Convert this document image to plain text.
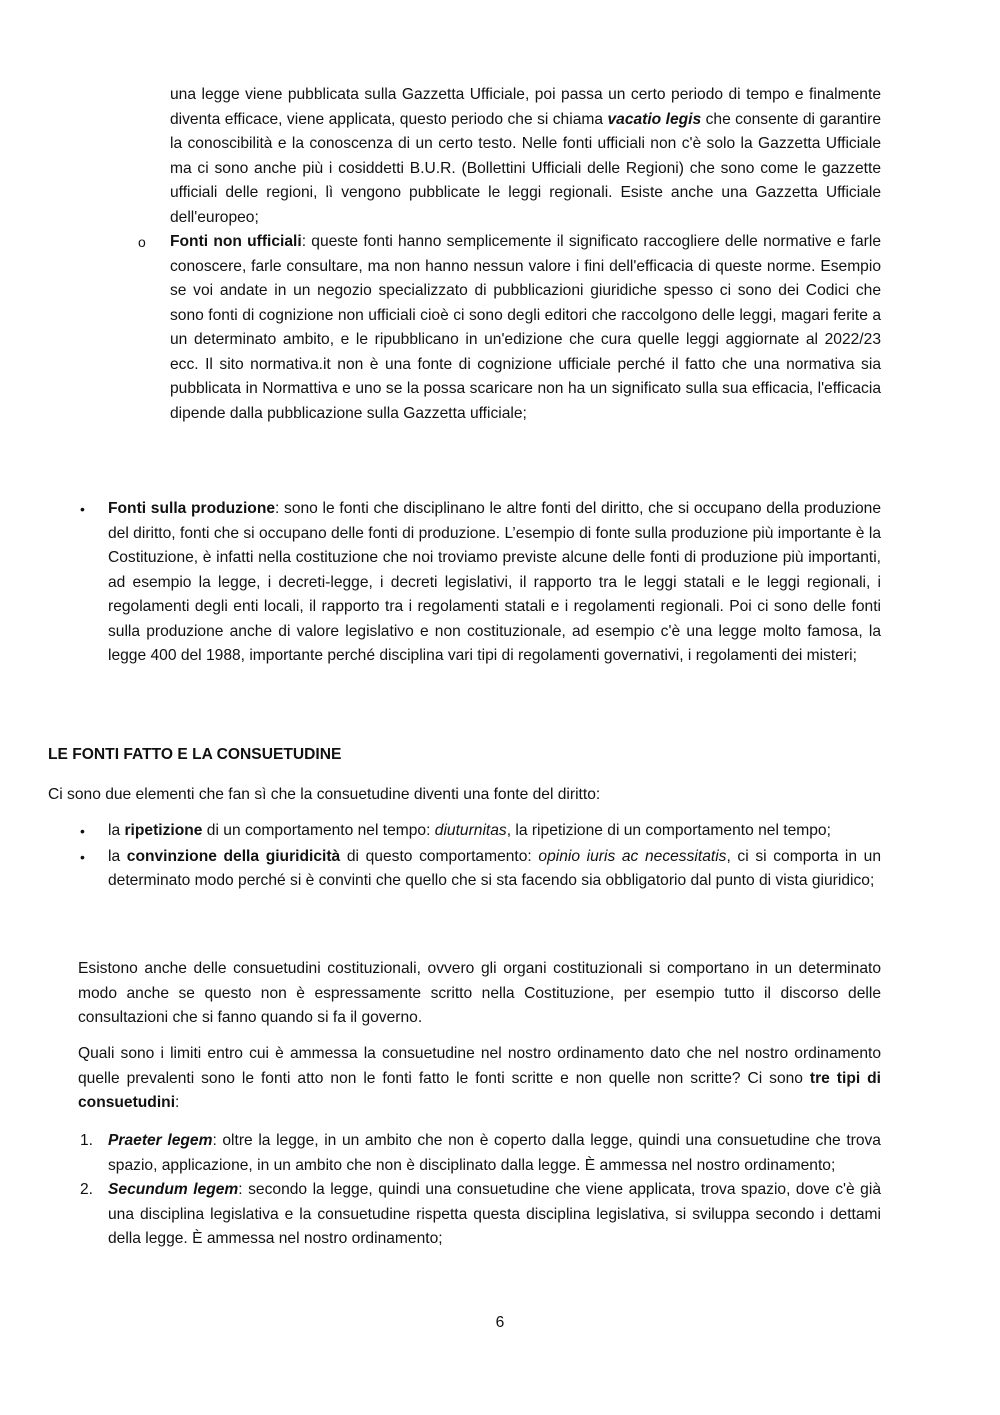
una legge viene pubblicata sulla Gazzetta Ufficiale, poi passa un certo periodo di tempo e finalmente diventa efficace, viene applicata, questo periodo che si chiama vacatio legis che consente di garantire la conoscibilità e la conoscenza di un certo testo. Nelle fonti ufficiali non c'è solo la Gazzetta Ufficiale ma ci sono anche più i cosiddetti B.U.R. (Bollettini Ufficiali delle Regioni) che sono come le gazzette ufficiali delle regioni, lì vengono pubblicate le leggi regionali. Esiste anche una Gazzetta Ufficiale dell'europeo;

o Fonti non ufficiali: queste fonti hanno semplicemente il significato raccogliere delle normative e farle conoscere, farle consultare, ma non hanno nessun valore i fini dell'efficacia di queste norme. Esempio se voi andate in un negozio specializzato di pubblicazioni giuridiche spesso ci sono dei Codici che sono fonti di cognizione non ufficiali cioè ci sono degli editori che raccolgono delle leggi, magari ferite a un determinato ambito, e le ripubblicano in un'edizione che cura quelle leggi aggiornate al 2022/23 ecc. Il sito normativa.it non è una fonte di cognizione ufficiale perché il fatto che una normativa sia pubblicata in Normattiva e uno se la possa scaricare non ha un significato sulla sua efficacia, l'efficacia dipende dalla pubblicazione sulla Gazzetta ufficiale;

• Fonti sulla produzione: sono le fonti che disciplinano le altre fonti del diritto, che si occupano della produzione del diritto, fonti che si occupano delle fonti di produzione. L’esempio di fonte sulla produzione più importante è la Costituzione, è infatti nella costituzione che noi troviamo previste alcune delle fonti di produzione più importanti, ad esempio la legge, i decreti-legge, i decreti legislativi, il rapporto tra le leggi statali e le leggi regionali, i regolamenti degli enti locali, il rapporto tra i regolamenti statali e i regolamenti regionali. Poi ci sono delle fonti sulla produzione anche di valore legislativo e non costituzionale, ad esempio c'è una legge molto famosa, la legge 400 del 1988, importante perché disciplina vari tipi di regolamenti governativi, i regolamenti dei misteri;

LE FONTI FATTO E LA CONSUETUDINE

Ci sono due elementi che fan sì che la consuetudine diventi una fonte del diritto:

• la ripetizione di un comportamento nel tempo: diuturnitas, la ripetizione di un comportamento nel tempo;

• la convinzione della giuridicità di questo comportamento: opinio iuris ac necessitatis, ci si comporta in un determinato modo perché si è convinti che quello che si sta facendo sia obbligatorio dal punto di vista giuridico;

Esistono anche delle consuetudini costituzionali, ovvero gli organi costituzionali si comportano in un determinato modo anche se questo non è espressamente scritto nella Costituzione, per esempio tutto il discorso delle consultazioni che si fanno quando si fa il governo.

Quali sono i limiti entro cui è ammessa la consuetudine nel nostro ordinamento dato che nel nostro ordinamento quelle prevalenti sono le fonti atto non le fonti fatto le fonti scritte e non quelle non scritte? Ci sono tre tipi di consuetudini:

1. Praeter legem: oltre la legge, in un ambito che non è coperto dalla legge, quindi una consuetudine che trova spazio, applicazione, in un ambito che non è disciplinato dalla legge. È ammessa nel nostro ordinamento;

2. Secundum legem: secondo la legge, quindi una consuetudine che viene applicata, trova spazio, dove c'è già una disciplina legislativa e la consuetudine rispetta questa disciplina legislativa, si sviluppa secondo i dettami della legge. È ammessa nel nostro ordinamento;

6
